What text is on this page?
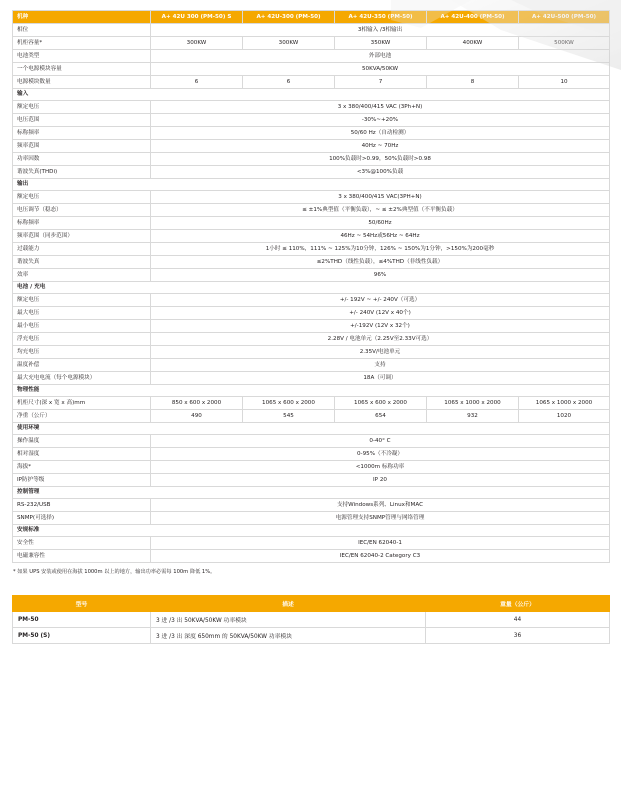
机种	A+ 42U 300 (PM-50) S	A+ 42U-300 (PM-50)	A+ 42U-350 (PM-50)	A+ 42U-400 (PM-50)	A+ 42U-500 (PM-50)
相位	3相输入 /3相输出				
机柜容量*	300KW	300KW	350KW	400KW	500KW
电池类型	外部电池				
一个电源模块容量	50KVA/50KW				
电源模块数量	6	6	7	8	10
输入					
额定电压	3 x 380/400/415 VAC (3Ph+N)				
电压范围	-30%~+20%				
标称频率	50/60 Hz（自动检测）				
频率范围	40Hz ~ 70Hz				
功率因数	100%负载时>0.99，50%负载时>0.98				
谐波失真(THDi)	<3%@100%负载				
输出					
额定电压	3 x 380/400/415 VAC(3PH+N)				
电压调节（稳态）	≤ ±1%典型值（平衡负载），~ ≤ ±2%典型值（不平衡负载）				
标称频率	50/60Hz				
频率范围（同步范围）	46Hz ~ 54Hz或56Hz ~ 64Hz				
过载能力	1小时 ≤ 110%，111% ~ 125%为10分钟，126% ~ 150%为1分钟，>150%为200毫秒				
谐波失真	≤2%THD（线性负载），≤4%THD（非线性负载）				
效率	96%				
电池 / 充电					
额定电压	+/- 192V ~ +/- 240V（可选）				
最大电压	+/- 240V (12V x 40个)				
最小电压	+/-192V (12V x 32个)				
浮充电压	2.28V / 电池单元（2.25V至2.33V可选）				
均充电压	2.35V/电池单元				
温度补偿	支持				
最大充电电流（每个电源模块）	18A（可调）				
物理性能					
机柜尺寸(深 x 宽 x 高)mm	850 x 600 x 2000	1065 x 600 x 2000	1065 x 600 x 2000	1065 x 1000 x 2000	1065 x 1000 x 2000
净重（公斤）	490	545	654	932	1020
使用环境					
操作温度	0-40° C				
相对湿度	0-95%（不冷凝）				
海拔*	<1000m 标称功率				
IP防护等级	IP 20				
控制管理					
RS-232/USB	支持Windows系列、Linux和MAC				
SNMP(可选择)	电源管理支持SNMP管理与网络管理				
安规标准					
安全性	IEC/EN 62040-1				
电磁兼容性	IEC/EN 62040-2 Category C3				
* 如果 UPS 安装或使用在海拔 1000m 以上的地方，输出功率必需每 100m 降低 1%。
型号	描述	重量（公斤）
PM-50	3 进 /3 出 50KVA/50KW 功率模块	44
PM-50 (S)	3 进 /3 出 深度 650mm 的 50KVA/50KW 功率模块	36
